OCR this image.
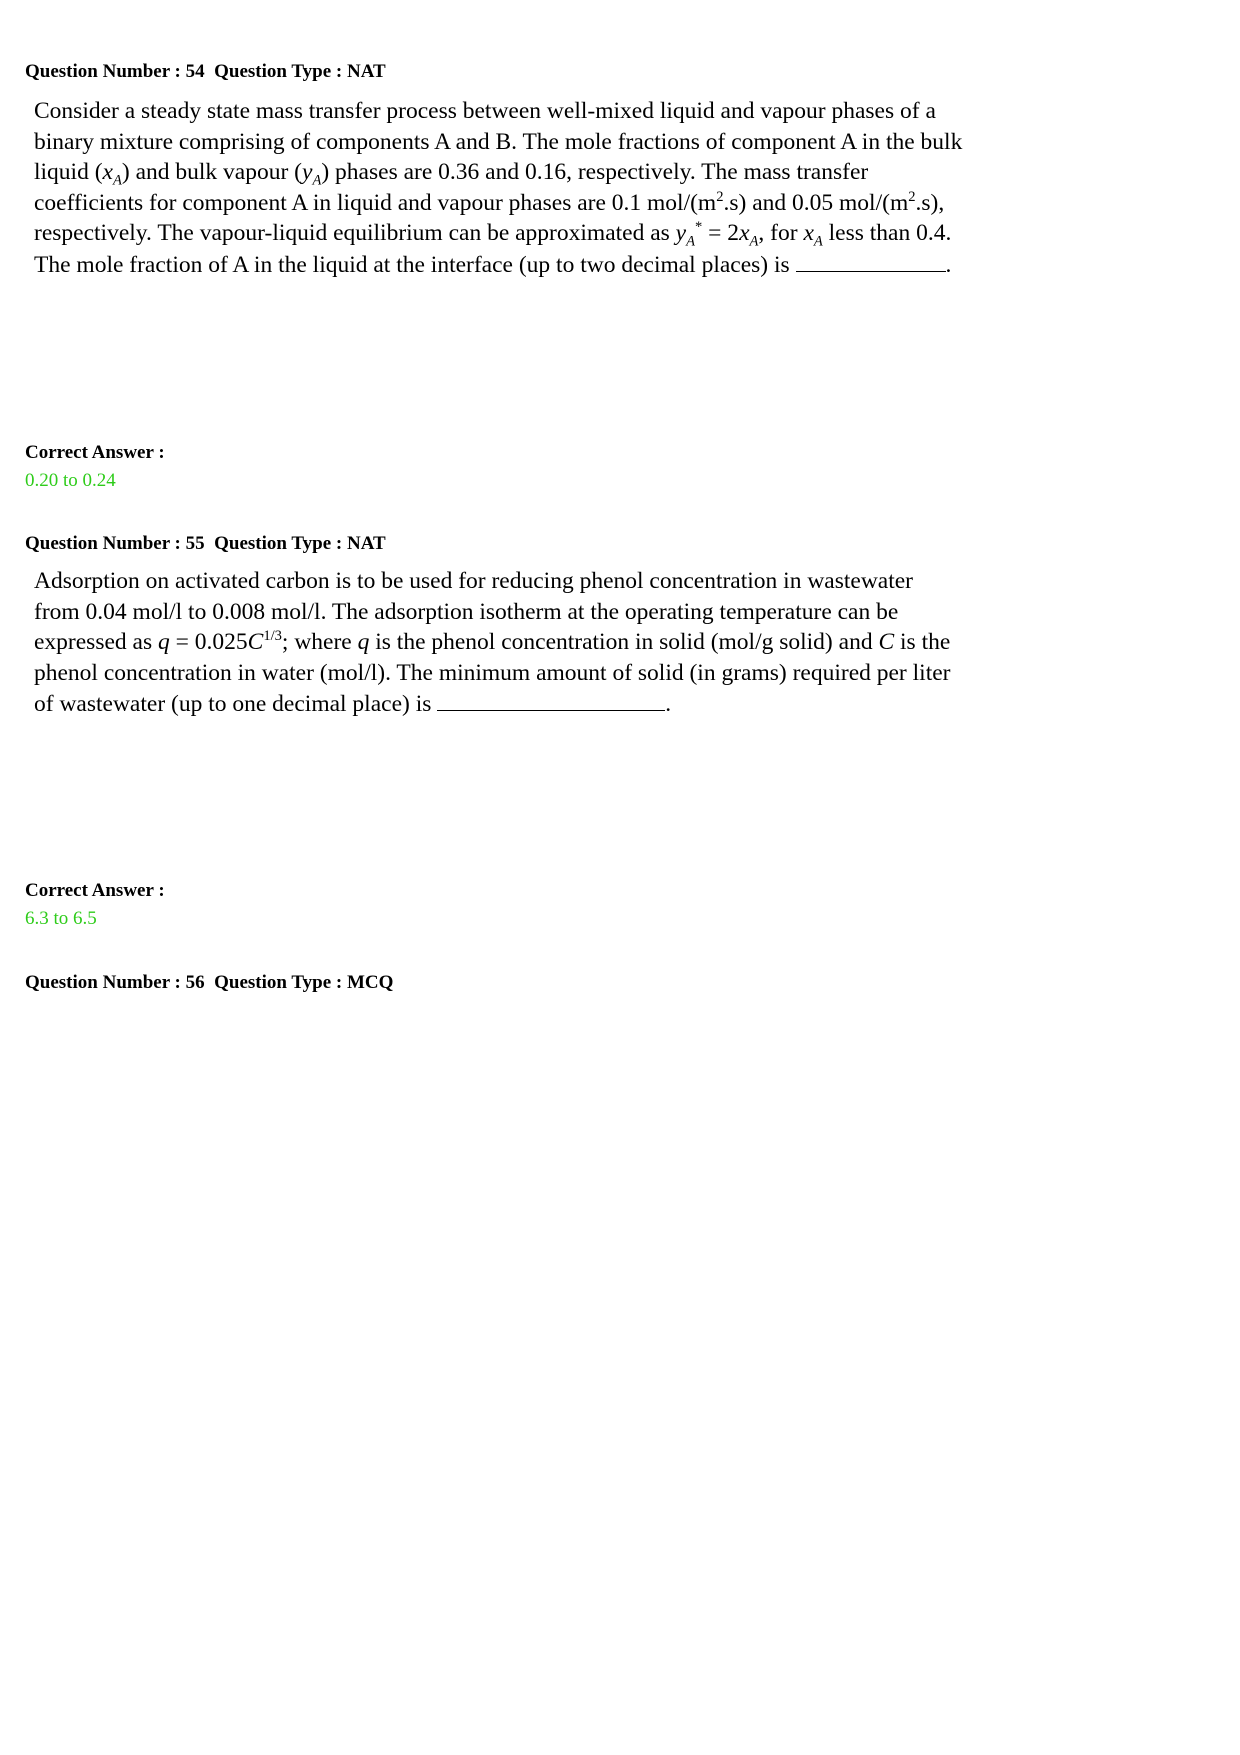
Question Number : 54  Question Type : NAT
Consider a steady state mass transfer process between well-mixed liquid and vapour phases of a
binary mixture comprising of components A and B. The mole fractions of component A in the bulk
liquid $(x_A)$ and bulk vapour $(y_A)$ phases are 0.36 and 0.16, respectively. The mass transfer
coefficients for component A in liquid and vapour phases are 0.1 mol/$(m^2.s)$ and 0.05 mol/$(m^2.s)$,
respectively. The vapour-liquid equilibrium can be approximated as $y_A^* = 2x_A$, for $x_A$ less than 0.4.
The mole fraction of A in the liquid at the interface (up to two decimal places) is	.
Correct Answer :
0.20 to 0.24
Question Number : 55  Question Type : NAT
Adsorption on activated carbon is to be used for reducing phenol concentration in wastewater
from 0.04 mol/l to 0.008 mol/l. The adsorption isotherm at the operating temperature can be
expressed as $q = 0.025C^{1/3}$; where q is the phenol concentration in solid (mol/g solid) and C is the
phenol concentration in water (mol/l). The minimum amount of solid (in grams) required per liter
of wastewater (up to one decimal place) is	.
Correct Answer :
6.3 to 6.5
Question Number : 56  Question Type : MCQ
